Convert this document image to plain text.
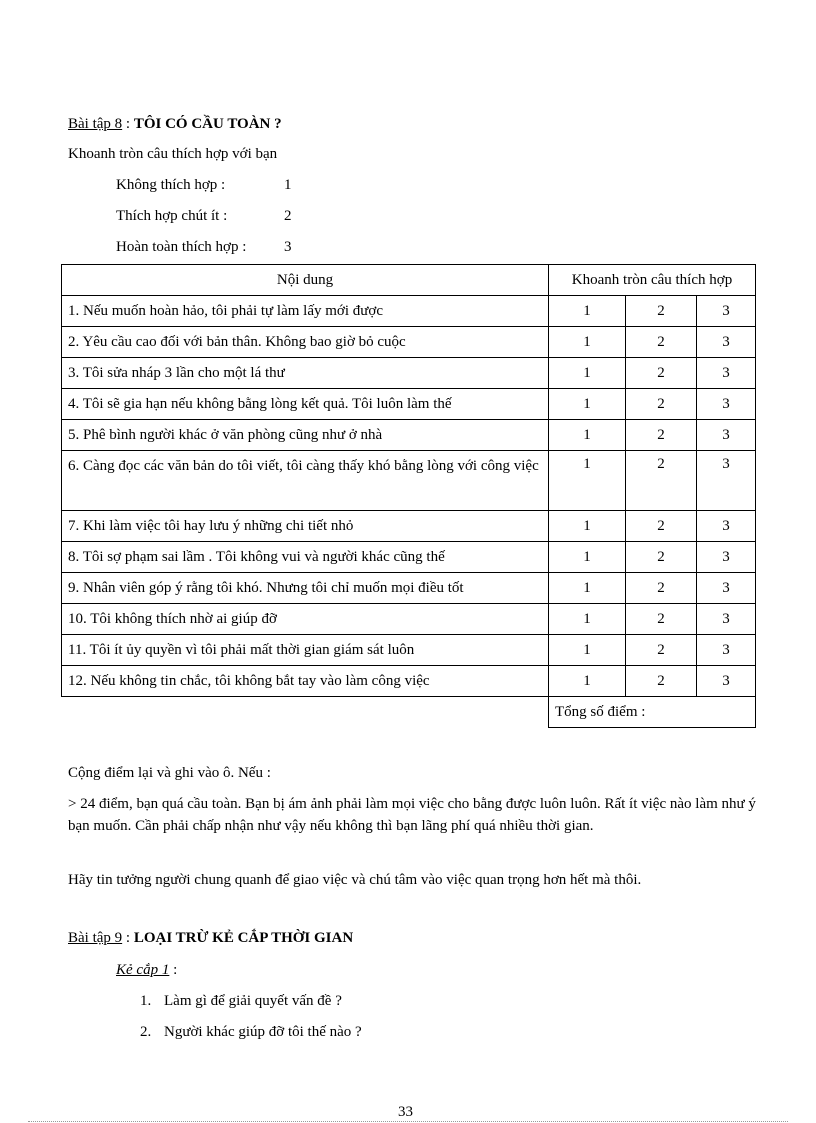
Bài tập 8 : TÔI CÓ CẦU TOÀN ?
Khoanh tròn câu thích hợp với bạn
Không thích hợp :	1
Thích hợp chút ít :	2
Hoàn toàn thích hợp :	3
Nội dung	Khoanh tròn câu thích hợp		
1. Nếu muốn hoàn hảo, tôi phải tự làm lấy mới được	1	2	3
2. Yêu cầu cao đối với bản thân. Không bao giờ bỏ cuộc	1	2	3
3. Tôi sửa nháp 3 lần cho một lá thư	1	2	3
4. Tôi sẽ gia hạn nếu không bằng lòng kết quả. Tôi luôn làm thế	1	2	3
5. Phê bình người khác ở văn phòng cũng như ở nhà	1	2	3
6. Càng đọc các văn bản do tôi viết, tôi càng thấy khó bằng lòng với công việc	1	2	3
7. Khi làm việc tôi hay lưu ý những chi tiết nhỏ	1	2	3
8. Tôi sợ phạm sai lầm . Tôi không vui và người khác cũng thế	1	2	3
9. Nhân viên góp ý rằng tôi khó. Nhưng tôi chỉ muốn mọi điều tốt	1	2	3
10. Tôi không thích nhờ ai giúp đỡ	1	2	3
11. Tôi ít ủy quyền vì tôi phải mất thời gian giám sát luôn	1	2	3
12. Nếu không tin chắc, tôi không bắt tay vào làm công việc	1	2	3
	Tổng số điểm :		
Cộng điểm lại và ghi vào ô. Nếu :
> 24 điểm, bạn quá cầu toàn. Bạn bị ám ảnh phải làm mọi việc cho bằng được luôn luôn. Rất ít việc nào làm như ý bạn muốn. Cần phải chấp nhận như vậy nếu không thì bạn lãng phí quá nhiều thời gian.
Hãy tin tưởng người chung quanh để giao việc và chú tâm vào việc quan trọng hơn hết mà thôi.
Bài tập 9 : LOẠI TRỪ KẺ CẮP THỜI GIAN
Kẻ cắp 1 :
1. Làm gì để giải quyết vấn đề ?
2. Người khác giúp đỡ tôi thế nào ?
33
